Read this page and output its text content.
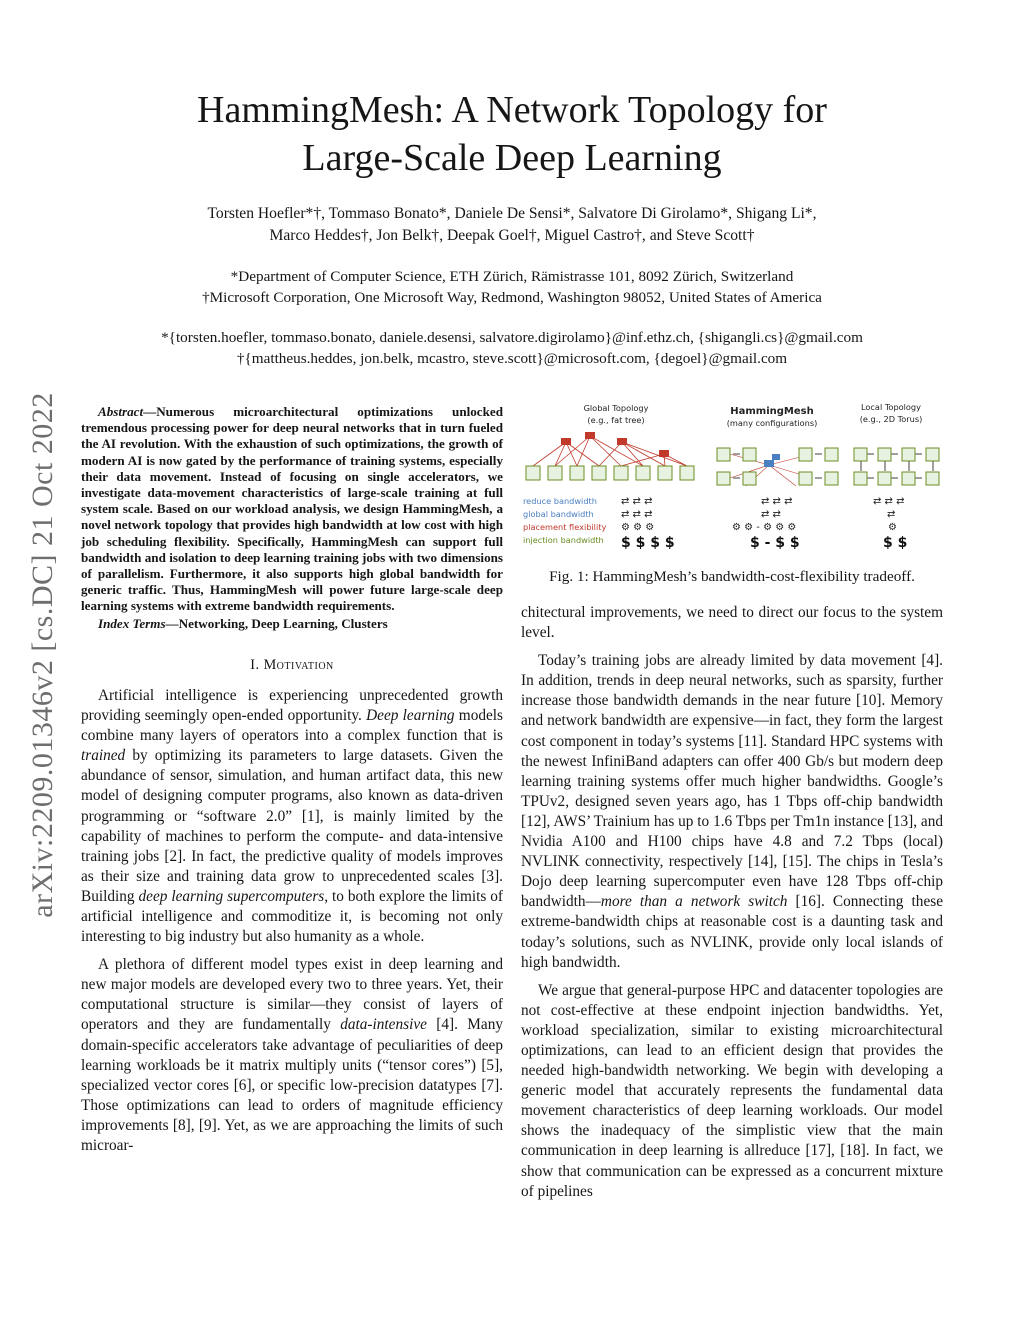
arXiv:2209.01346v2 [cs.DC] 21 Oct 2022
HammingMesh: A Network Topology for
Large-Scale Deep Learning
Torsten Hoefler*†, Tommaso Bonato*, Daniele De Sensi*, Salvatore Di Girolamo*, Shigang Li*,
Marco Heddes†, Jon Belk†, Deepak Goel†, Miguel Castro†, and Steve Scott†
*Department of Computer Science, ETH Zürich, Rämistrasse 101, 8092 Zürich, Switzerland
†Microsoft Corporation, One Microsoft Way, Redmond, Washington 98052, United States of America
*{torsten.hoefler, tommaso.bonato, daniele.desensi, salvatore.digirolamo}@inf.ethz.ch, {shigangli.cs}@gmail.com
†{mattheus.heddes, jon.belk, mcastro, steve.scott}@microsoft.com, {degoel}@gmail.com

Abstract—Numerous microarchitectural optimizations unlocked tremendous processing power for deep neural networks that in turn fueled the AI revolution. With the exhaustion of such optimizations, the growth of modern AI is now gated by the performance of training systems, especially their data movement. Instead of focusing on single accelerators, we investigate data-movement characteristics of large-scale training at full system scale. Based on our workload analysis, we design HammingMesh, a novel network topology that provides high bandwidth at low cost with high job scheduling flexibility. Specifically, HammingMesh can support full bandwidth and isolation to deep learning training jobs with two dimensions of parallelism. Furthermore, it also supports high global bandwidth for generic traffic. Thus, HammingMesh will power future large-scale deep learning systems with extreme bandwidth requirements.

Index Terms—Networking, Deep Learning, Clusters

I. Motivation

Artificial intelligence is experiencing unprecedented growth providing seemingly open-ended opportunity. Deep learning models combine many layers of operators into a complex function that is trained by optimizing its parameters to large datasets. Given the abundance of sensor, simulation, and human artifact data, this new model of designing computer programs, also known as data-driven programming or “software 2.0” [1], is mainly limited by the capability of machines to perform the compute- and data-intensive training jobs [2]. In fact, the predictive quality of models improves as their size and training data grow to unprecedented scales [3]. Building deep learning supercomputers, to both explore the limits of artificial intelligence and commoditize it, is becoming not only interesting to big industry but also humanity as a whole.

A plethora of different model types exist in deep learning and new major models are developed every two to three years. Yet, their computational structure is similar—they consist of layers of operators and they are fundamentally data-intensive [4]. Many domain-specific accelerators take advantage of peculiarities of deep learning workloads be it matrix multiply units (“tensor cores”) [5], specialized vector cores [6], or specific low-precision datatypes [7]. Those optimizations can lead to orders of magnitude efficiency improvements [8], [9]. Yet, as we are approaching the limits of such microar-

Global Topology
(e.g., fat tree)
HammingMesh
(many configurations)
Local Topology
(e.g., 2D Torus)
reduce bandwidth
global bandwidth
placement flexibility
injection bandwidth
⇄ ⇄ ⇄
⇄ ⇄ ⇄
⚙ ⚙ ⚙
⇄ ⇄ ⇄
⇄ ⇄
⚙ ⚙ - ⚙ ⚙ ⚙
⇄ ⇄ ⇄
⇄
⚙
$ $ $ $	$ - $ $	$ $
Fig. 1: HammingMesh’s bandwidth-cost-flexibility tradeoff.

chitectural improvements, we need to direct our focus to the system level.

Today’s training jobs are already limited by data movement [4]. In addition, trends in deep neural networks, such as sparsity, further increase those bandwidth demands in the near future [10]. Memory and network bandwidth are expensive—in fact, they form the largest cost component in today’s systems [11]. Standard HPC systems with the newest InfiniBand adapters can offer 400 Gb/s but modern deep learning training systems offer much higher bandwidths. Google’s TPUv2, designed seven years ago, has 1 Tbps off-chip bandwidth [12], AWS’ Trainium has up to 1.6 Tbps per Tm1n instance [13], and Nvidia A100 and H100 chips have 4.8 and 7.2 Tbps (local) NVLINK connectivity, respectively [14], [15]. The chips in Tesla’s Dojo deep learning supercomputer even have 128 Tbps off-chip bandwidth—more than a network switch [16]. Connecting these extreme-bandwidth chips at reasonable cost is a daunting task and today’s solutions, such as NVLINK, provide only local islands of high bandwidth.

We argue that general-purpose HPC and datacenter topologies are not cost-effective at these endpoint injection bandwidths. Yet, workload specialization, similar to existing microarchitectural optimizations, can lead to an efficient design that provides the needed high-bandwidth networking. We begin with developing a generic model that accurately represents the fundamental data movement characteristics of deep learning workloads. Our model shows the inadequacy of the simplistic view that the main communication in deep learning is allreduce [17], [18]. In fact, we show that communication can be expressed as a concurrent mixture of pipelines
